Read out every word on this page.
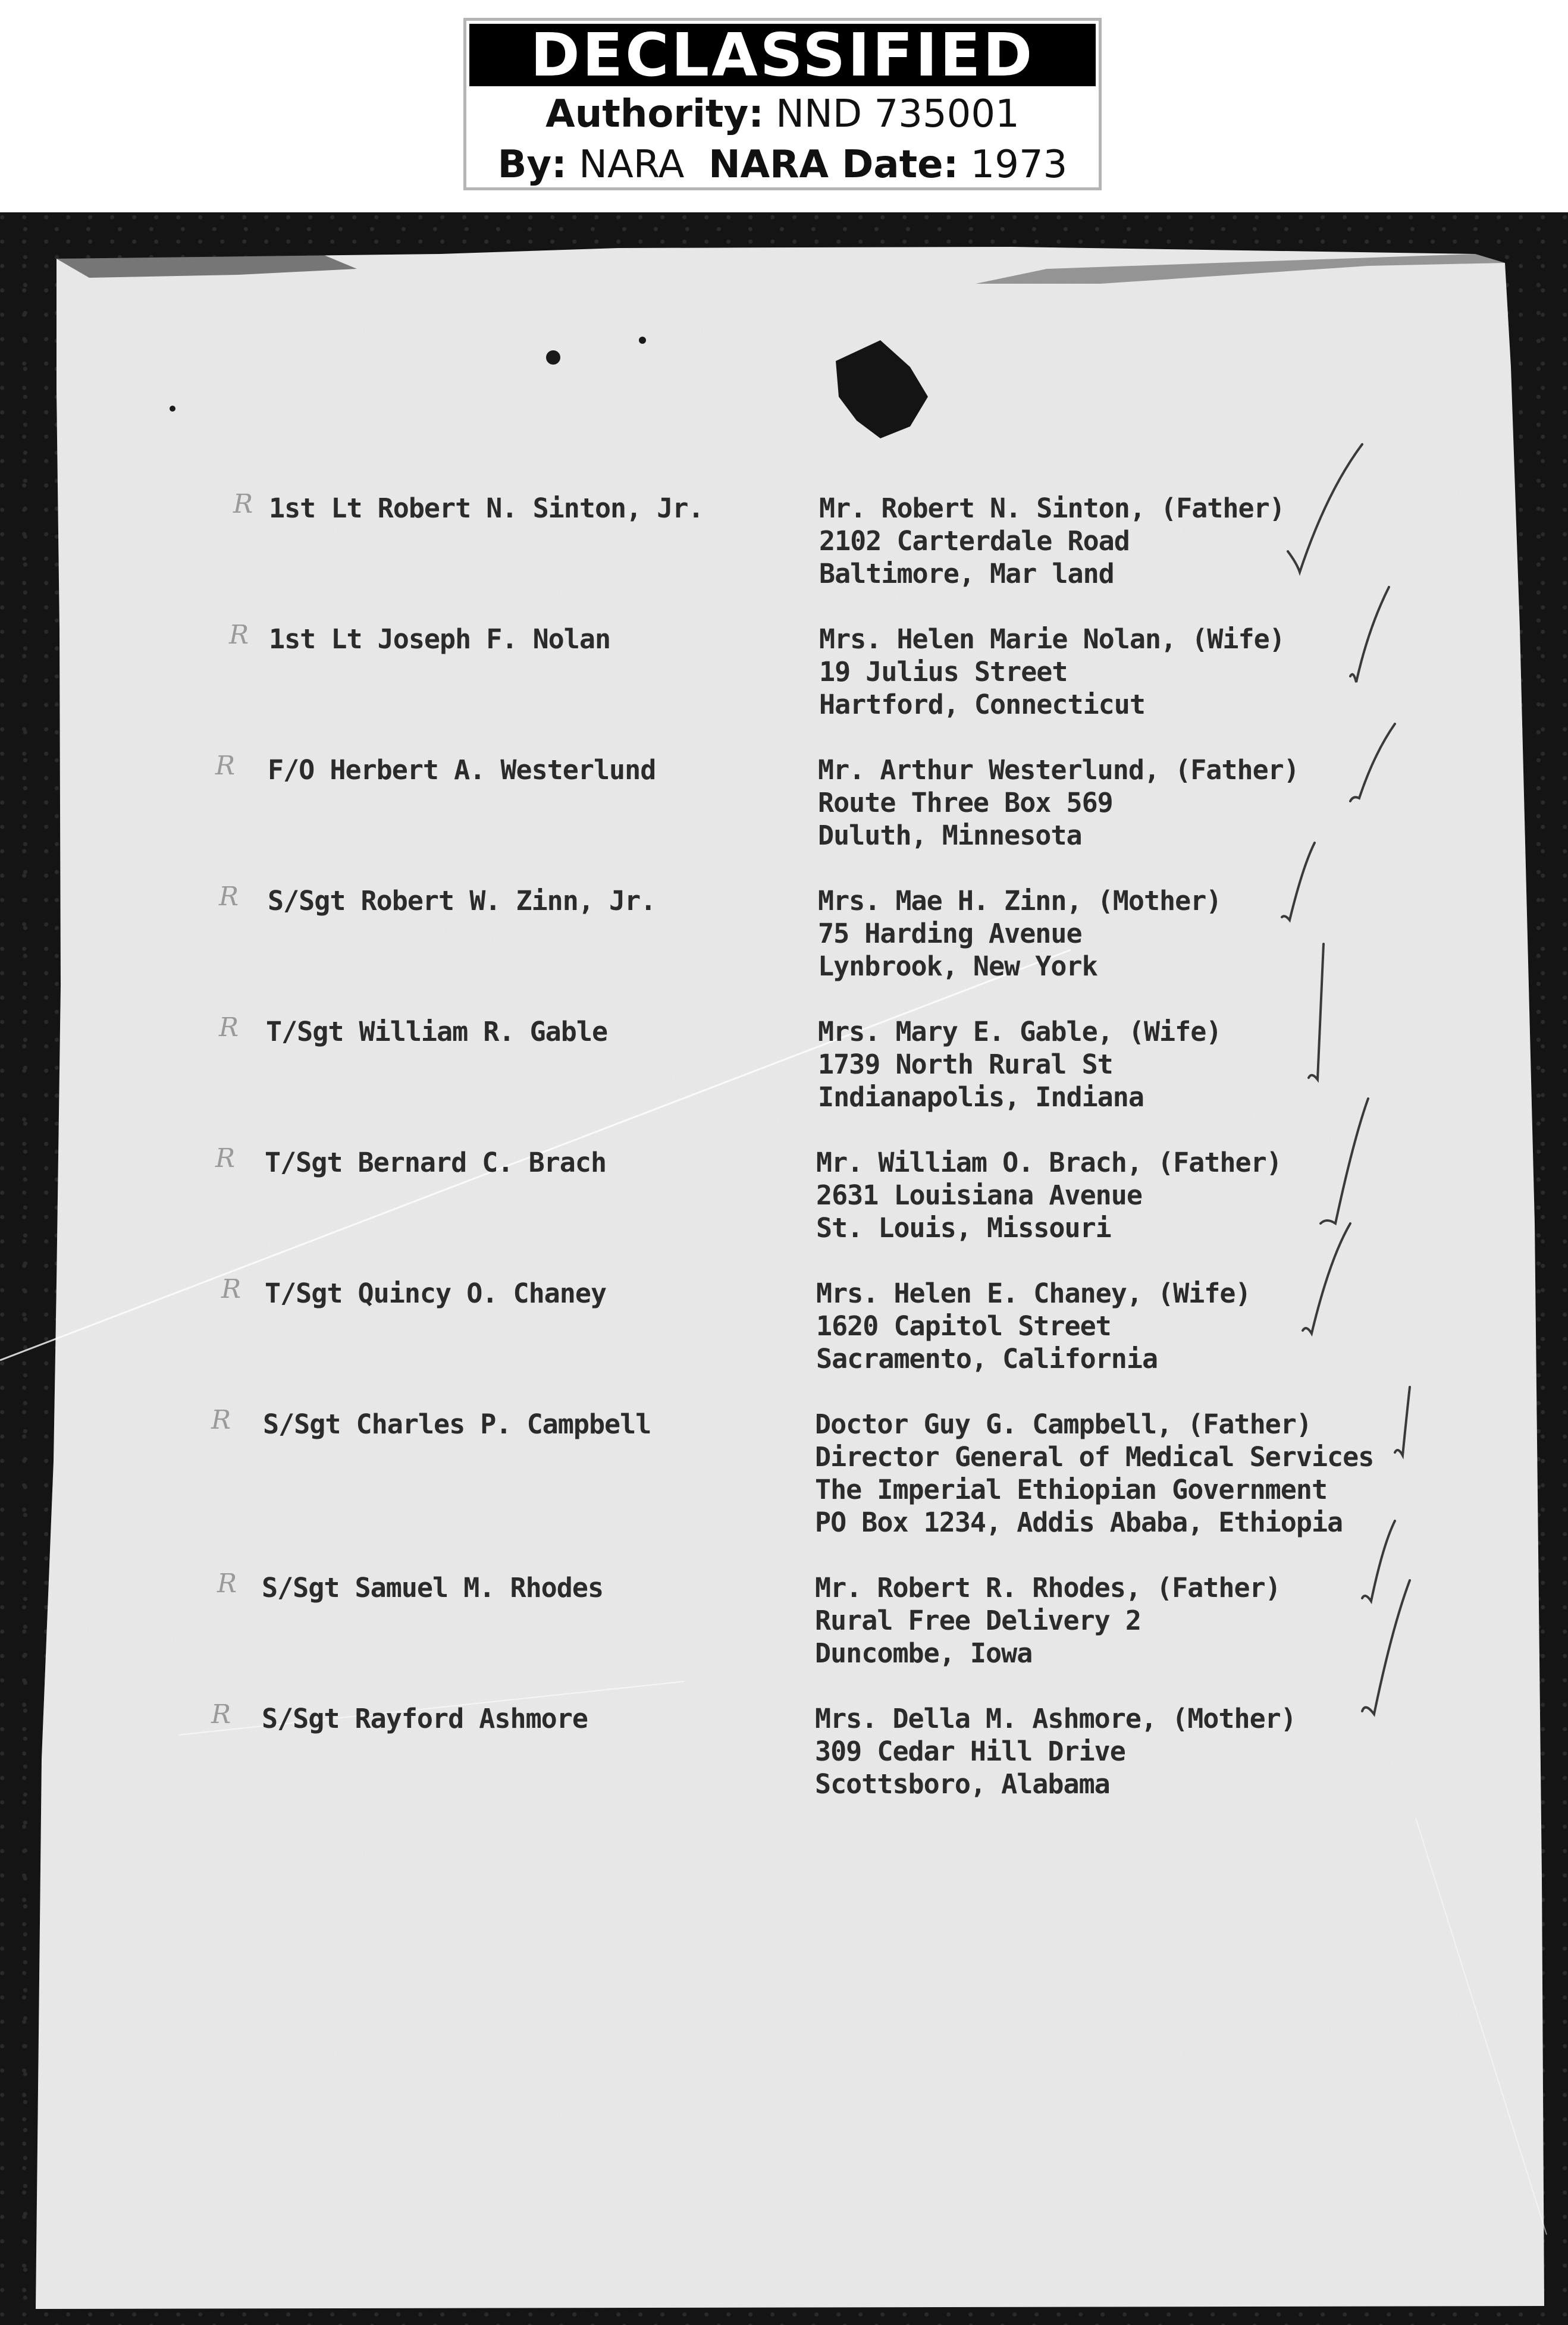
DECLASSIFIED
Authority: NND 735001
By: NARA NARA Date: 1973
R 1st Lt Robert N. Sinton, Jr.	Mr. Robert N. Sinton, (Father)
2102 Carterdale Road
Baltimore, Mar land
R 1st Lt Joseph F. Nolan	Mrs. Helen Marie Nolan, (Wife)
19 Julius Street
Hartford, Connecticut
R F/O Herbert A. Westerlund	Mr. Arthur Westerlund, (Father)
Route Three Box 569
Duluth, Minnesota
R S/Sgt Robert W. Zinn, Jr.	Mrs. Mae H. Zinn, (Mother)
75 Harding Avenue
Lynbrook, New York
R T/Sgt William R. Gable	Mrs. Mary E. Gable, (Wife)
1739 North Rural St
Indianapolis, Indiana
R T/Sgt Bernard C. Brach	Mr. William O. Brach, (Father)
2631 Louisiana Avenue
St. Louis, Missouri
R T/Sgt Quincy O. Chaney	Mrs. Helen E. Chaney, (Wife)
1620 Capitol Street
Sacramento, California
R S/Sgt Charles P. Campbell	Doctor Guy G. Campbell, (Father)
Director General of Medical Services
The Imperial Ethiopian Government
PO Box 1234, Addis Ababa, Ethiopia
R S/Sgt Samuel M. Rhodes	Mr. Robert R. Rhodes, (Father)
Rural Free Delivery 2
Duncombe, Iowa
R S/Sgt Rayford Ashmore	Mrs. Della M. Ashmore, (Mother)
309 Cedar Hill Drive
Scottsboro, Alabama
